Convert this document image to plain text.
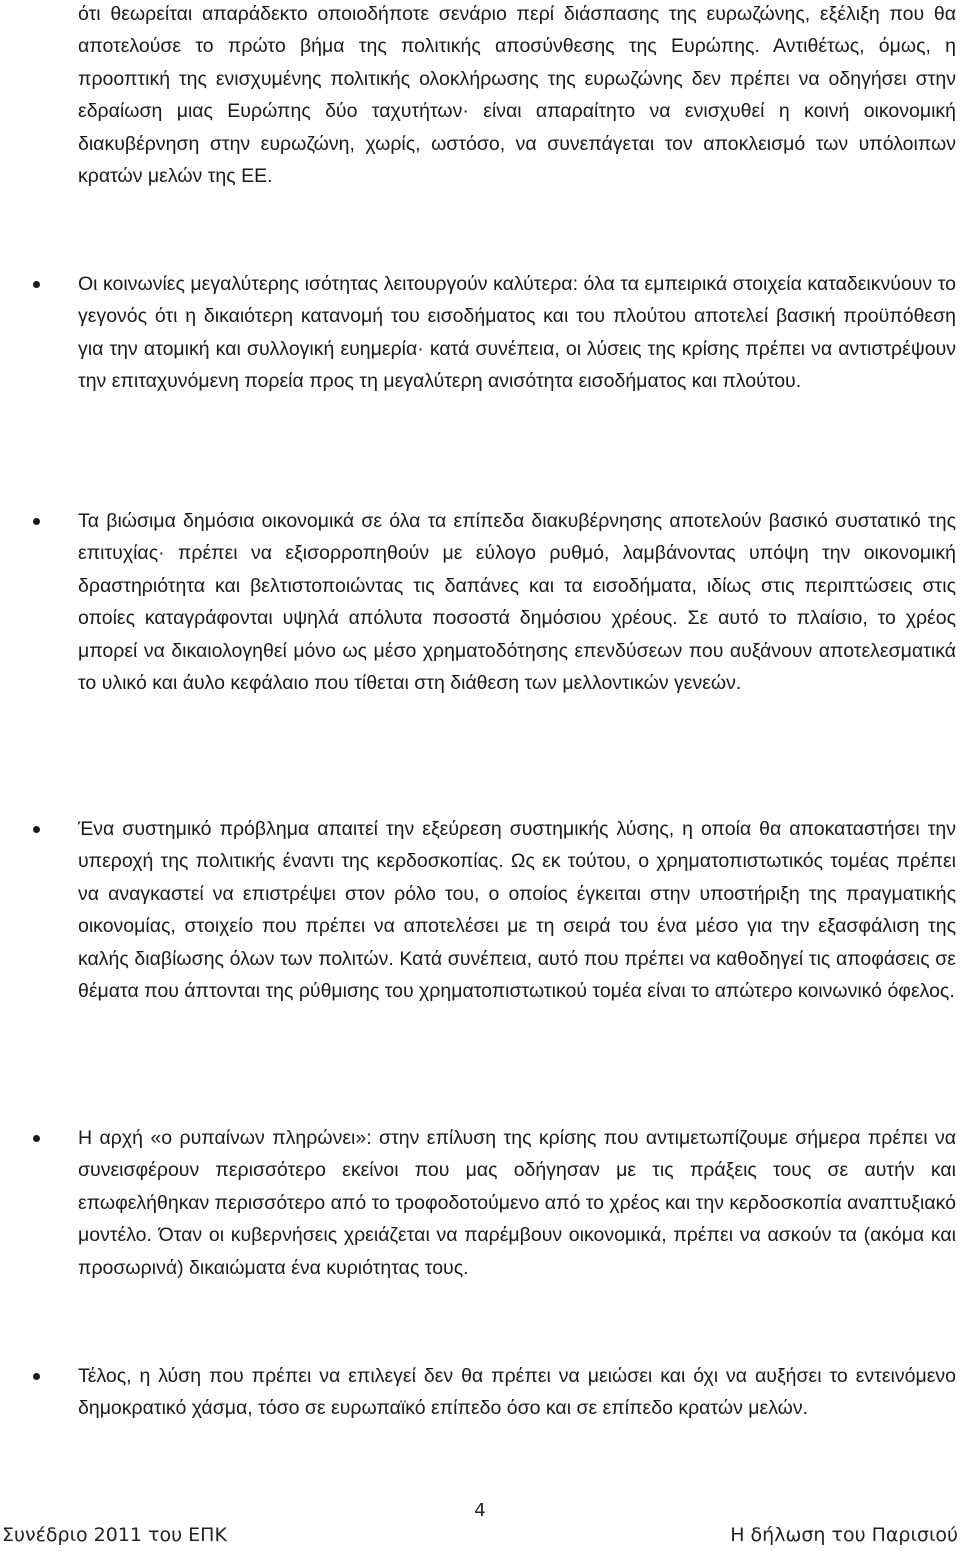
ότι θεωρείται απαράδεκτο οποιοδήποτε σενάριο περί διάσπασης της ευρωζώνης, εξέλιξη που θα αποτελούσε το πρώτο βήμα της πολιτικής αποσύνθεσης της Ευρώπης. Αντιθέτως, όμως, η προοπτική της ενισχυμένης πολιτικής ολοκλήρωσης της ευρωζώνης δεν πρέπει να οδηγήσει στην εδραίωση μιας Ευρώπης δύο ταχυτήτων· είναι απαραίτητο να ενισχυθεί η κοινή οικονομική διακυβέρνηση στην ευρωζώνη, χωρίς, ωστόσο, να συνεπάγεται τον αποκλεισμό των υπόλοιπων κρατών μελών της ΕΕ.

Οι κοινωνίες μεγαλύτερης ισότητας λειτουργούν καλύτερα: όλα τα εμπειρικά στοιχεία καταδεικνύουν το γεγονός ότι η δικαιότερη κατανομή του εισοδήματος και του πλούτου αποτελεί βασική προϋπόθεση για την ατομική και συλλογική ευημερία· κατά συνέπεια, οι λύσεις της κρίσης πρέπει να αντιστρέψουν την επιταχυνόμενη πορεία προς τη μεγαλύτερη ανισότητα εισοδήματος και πλούτου.

Τα βιώσιμα δημόσια οικονομικά σε όλα τα επίπεδα διακυβέρνησης αποτελούν βασικό συστατικό της επιτυχίας· πρέπει να εξισορροπηθούν με εύλογο ρυθμό, λαμβάνοντας υπόψη την οικονομική δραστηριότητα και βελτιστοποιώντας τις δαπάνες και τα εισοδήματα, ιδίως στις περιπτώσεις στις οποίες καταγράφονται υψηλά απόλυτα ποσοστά δημόσιου χρέους. Σε αυτό το πλαίσιο, το χρέος μπορεί να δικαιολογηθεί μόνο ως μέσο χρηματοδότησης επενδύσεων που αυξάνουν αποτελεσματικά το υλικό και άυλο κεφάλαιο που τίθεται στη διάθεση των μελλοντικών γενεών.

Ένα συστημικό πρόβλημα απαιτεί την εξεύρεση συστημικής λύσης, η οποία θα αποκαταστήσει την υπεροχή της πολιτικής έναντι της κερδοσκοπίας. Ως εκ τούτου, ο χρηματοπιστωτικός τομέας πρέπει να αναγκαστεί να επιστρέψει στον ρόλο του, ο οποίος έγκειται στην υποστήριξη της πραγματικής οικονομίας, στοιχείο που πρέπει να αποτελέσει με τη σειρά του ένα μέσο για την εξασφάλιση της καλής διαβίωσης όλων των πολιτών. Κατά συνέπεια, αυτό που πρέπει να καθοδηγεί τις αποφάσεις σε θέματα που άπτονται της ρύθμισης του χρηματοπιστωτικού τομέα είναι το απώτερο κοινωνικό όφελος.

Η αρχή «ο ρυπαίνων πληρώνει»: στην επίλυση της κρίσης που αντιμετωπίζουμε σήμερα πρέπει να συνεισφέρουν περισσότερο εκείνοι που μας οδήγησαν με τις πράξεις τους σε αυτήν και επωφελήθηκαν περισσότερο από το τροφοδοτούμενο από το χρέος και την κερδοσκοπία αναπτυξιακό μοντέλο. Όταν οι κυβερνήσεις χρειάζεται να παρέμβουν οικονομικά, πρέπει να ασκούν τα (ακόμα και προσωρινά) δικαιώματα ένα κυριότητας τους.

Τέλος, η λύση που πρέπει να επιλεγεί δεν θα πρέπει να μειώσει και όχι να αυξήσει το εντεινόμενο δημοκρατικό χάσμα, τόσο σε ευρωπαϊκό επίπεδο όσο και σε επίπεδο κρατών μελών.

4
Συνέδριο 2011 του ΕΠΚ	Η δήλωση του Παρισιού
